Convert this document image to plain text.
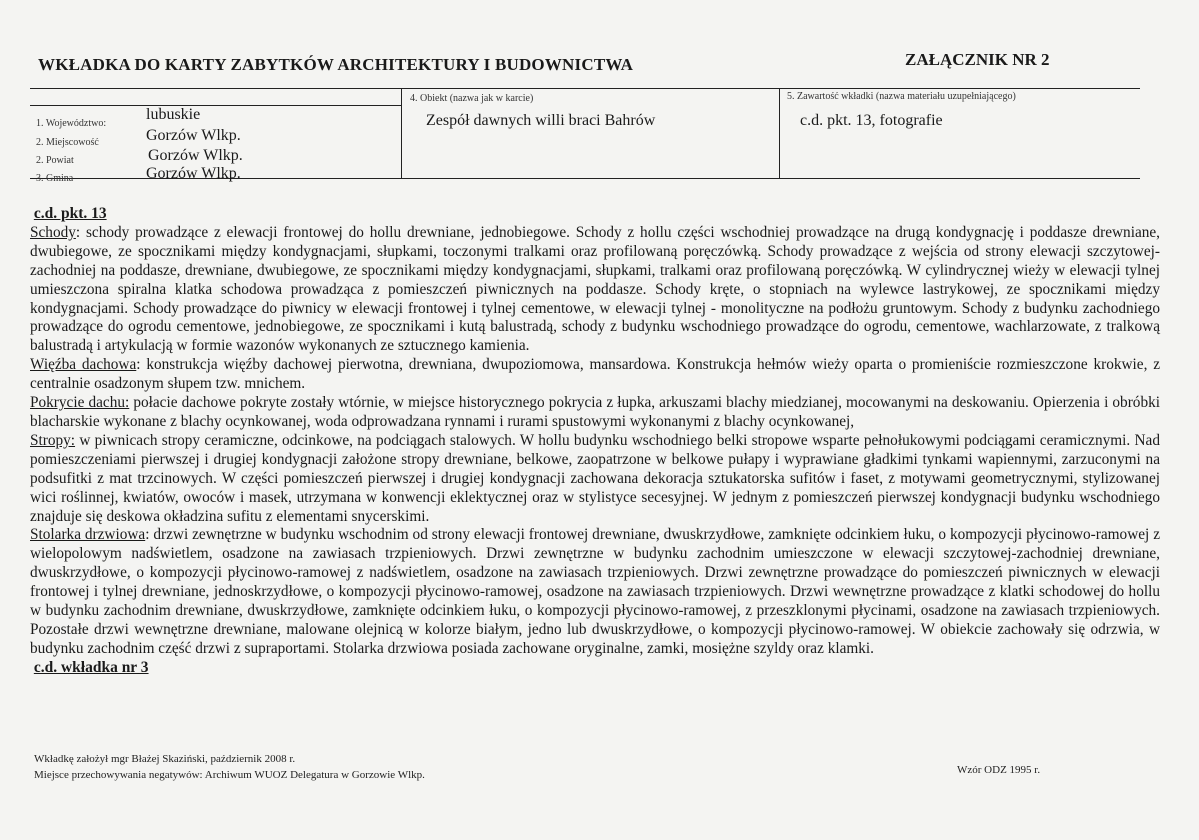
WKŁADKA DO KARTY ZABYTKÓW ARCHITEKTURY I BUDOWNICTWA	ZAŁĄCZNIK NR 2
1. Województwo:
lubuskie
2. Miejscowość	Gorzów Wlkp.
2. Powiat	Gorzów Wlkp.
3. Gmina	Gorzów Wlkp.
4. Obiekt (nazwa jak w karcie)
Zespół dawnych willi braci Bahrów
5. Zawartość wkładki (nazwa materiału uzupełniającego)
c.d. pkt. 13, fotografie

c.d. pkt. 13

Schody: schody prowadzące z elewacji frontowej do hollu drewniane, jednobiegowe. Schody z hollu części wschodniej prowadzące na drugą kondygnację i poddasze drewniane, dwubiegowe, ze spocznikami między kondygnacjami, słupkami, toczonymi tralkami oraz profilowaną poręczówką. Schody prowadzące z wejścia od strony elewacji szczytowej-zachodniej na poddasze, drewniane, dwubiegowe, ze spocznikami między kondygnacjami, słupkami, tralkami oraz profilowaną poręczówką. W cylindrycznej wieży w elewacji tylnej umieszczona spiralna klatka schodowa prowadząca z pomieszczeń piwnicznych na poddasze. Schody kręte, o stopniach na wylewce lastrykowej, ze spocznikami między kondygnacjami. Schody prowadzące do piwnicy w elewacji frontowej i tylnej cementowe, w elewacji tylnej - monolityczne na podłożu gruntowym. Schody z budynku zachodniego prowadzące do ogrodu cementowe, jednobiegowe, ze spocznikami i kutą balustradą, schody z budynku wschodniego prowadzące do ogrodu, cementowe, wachlarzowate, z tralkową balustradą i artykulacją w formie wazonów wykonanych ze sztucznego kamienia.

Więźba dachowa: konstrukcja więźby dachowej pierwotna, drewniana, dwupoziomowa, mansardowa. Konstrukcja hełmów wieży oparta o promieniście rozmieszczone krokwie, z centralnie osadzonym słupem tzw. mnichem.

Pokrycie dachu: połacie dachowe pokryte zostały wtórnie, w miejsce historycznego pokrycia z łupka, arkuszami blachy miedzianej, mocowanymi na deskowaniu. Opierzenia i obróbki blacharskie wykonane z blachy ocynkowanej, woda odprowadzana rynnami i rurami spustowymi wykonanymi z blachy ocynkowanej,

Stropy: w piwnicach stropy ceramiczne, odcinkowe, na podciągach stalowych. W hollu budynku wschodniego belki stropowe wsparte pełnołukowymi podciągami ceramicznymi. Nad pomieszczeniami pierwszej i drugiej kondygnacji założone stropy drewniane, belkowe, zaopatrzone w belkowe pułapy i wyprawiane gładkimi tynkami wapiennymi, zarzuconymi na podsufitki z mat trzcinowych. W części pomieszczeń pierwszej i drugiej kondygnacji zachowana dekoracja sztukatorska sufitów i faset, z motywami geometrycznymi, stylizowanej wici roślinnej, kwiatów, owoców i masek, utrzymana w konwencji eklektycznej oraz w stylistyce secesyjnej. W jednym z pomieszczeń pierwszej kondygnacji budynku wschodniego znajduje się deskowa okładzina sufitu z elementami snycerskimi.

Stolarka drzwiowa: drzwi zewnętrzne w budynku wschodnim od strony elewacji frontowej drewniane, dwuskrzydłowe, zamknięte odcinkiem łuku, o kompozycji płycinowo-ramowej z wielopolowym nadświetlem, osadzone na zawiasach trzpieniowych. Drzwi zewnętrzne w budynku zachodnim umieszczone w elewacji szczytowej-zachodniej drewniane, dwuskrzydłowe, o kompozycji płycinowo-ramowej z nadświetlem, osadzone na zawiasach trzpieniowych. Drzwi zewnętrzne prowadzące do pomieszczeń piwnicznych w elewacji frontowej i tylnej drewniane, jednoskrzydłowe, o kompozycji płycinowo-ramowej, osadzone na zawiasach trzpieniowych. Drzwi wewnętrzne prowadzące z klatki schodowej do hollu w budynku zachodnim drewniane, dwuskrzydłowe, zamknięte odcinkiem łuku, o kompozycji płycinowo-ramowej, z przeszklonymi płycinami, osadzone na zawiasach trzpieniowych. Pozostałe drzwi wewnętrzne drewniane, malowane olejnicą w kolorze białym, jedno lub dwuskrzydłowe, o kompozycji płycinowo-ramowej. W obiekcie zachowały się odrzwia, w budynku zachodnim część drzwi z supraportami. Stolarka drzwiowa posiada zachowane oryginalne, zamki, mosiężne szyldy oraz klamki.

c.d. wkładka nr 3

Wkładkę założył mgr Błażej Skaziński, październik 2008 r.
Miejsce przechowywania negatywów: Archiwum WUOZ Delegatura w Gorzowie Wlkp.	Wzór ODZ 1995 r.
